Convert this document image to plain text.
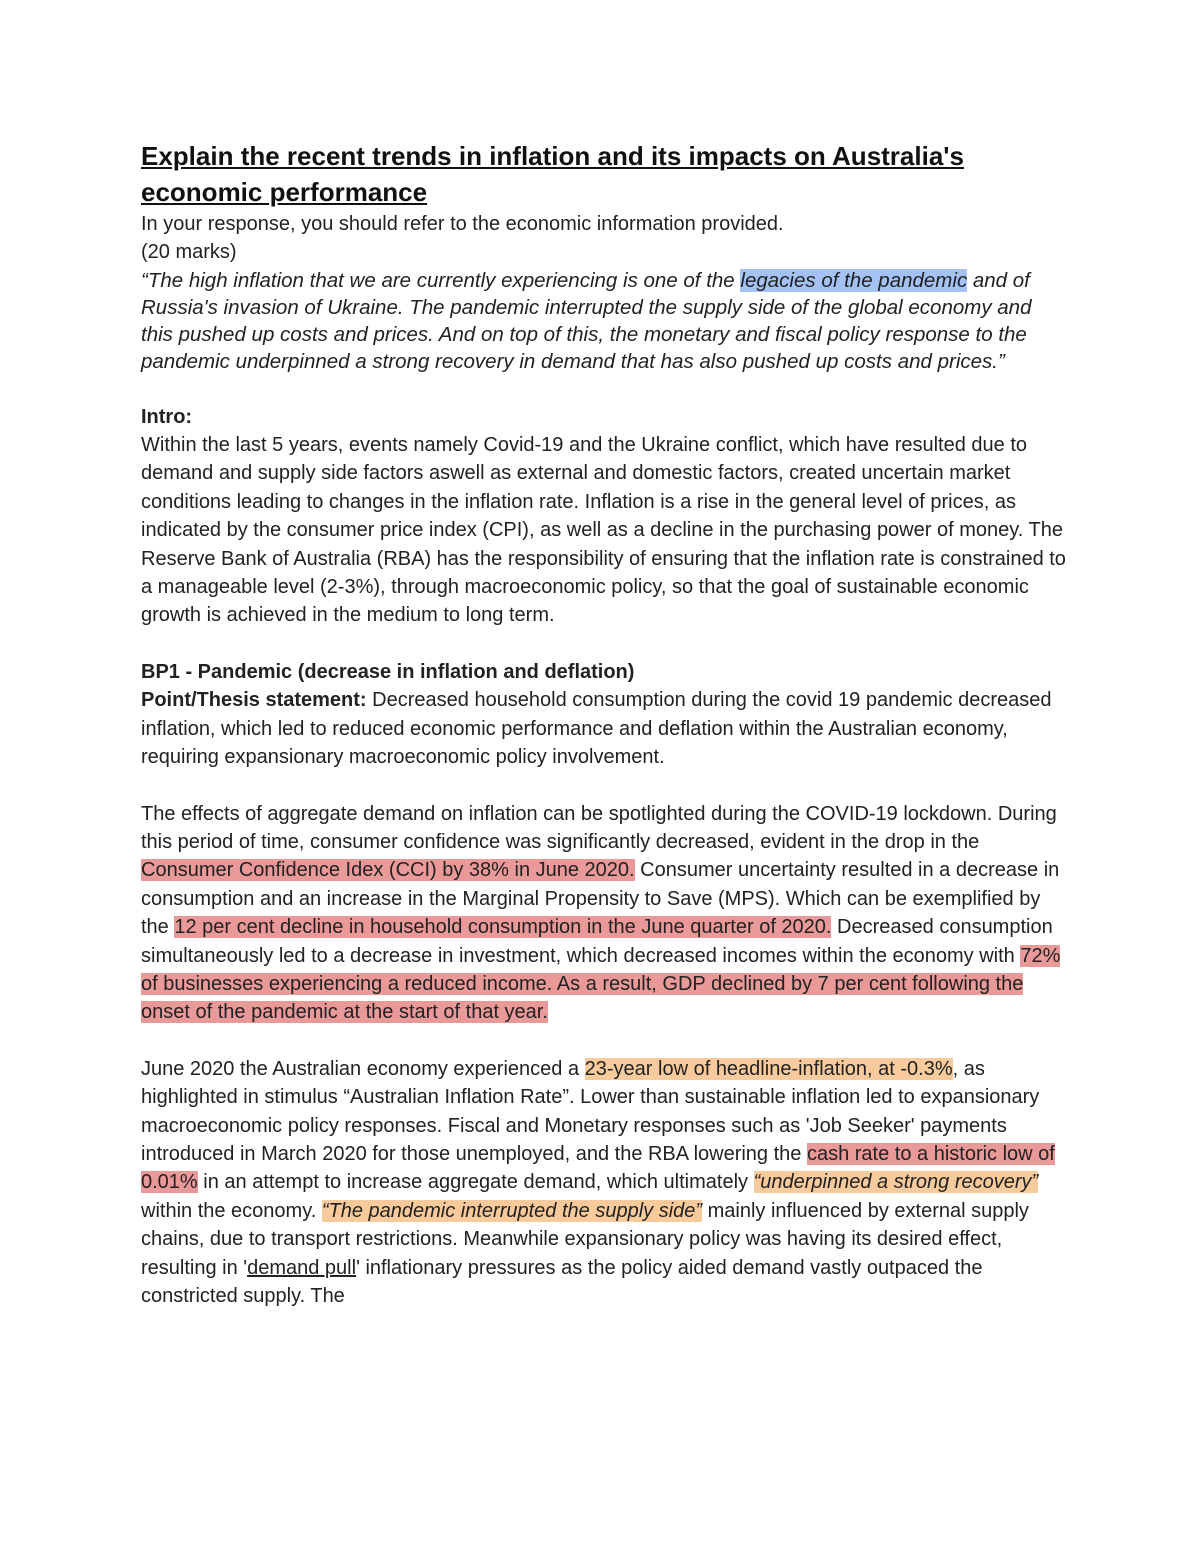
Explain the recent trends in inflation and its impacts on Australia's economic performance

In your response, you should refer to the economic information provided.

(20 marks)

“The high inflation that we are currently experiencing is one of the legacies of the pandemic and of Russia's invasion of Ukraine. The pandemic interrupted the supply side of the global economy and this pushed up costs and prices. And on top of this, the monetary and fiscal policy response to the pandemic underpinned a strong recovery in demand that has also pushed up costs and prices.”

Intro:

Within the last 5 years, events namely Covid-19 and the Ukraine conflict, which have resulted due to demand and supply side factors aswell as external and domestic factors, created uncertain market conditions leading to changes in the inflation rate. Inflation is a rise in the general level of prices, as indicated by the consumer price index (CPI), as well as a decline in the purchasing power of money. The Reserve Bank of Australia (RBA) has the responsibility of ensuring that the inflation rate is constrained to a manageable level (2-3%), through macroeconomic policy, so that the goal of sustainable economic growth is achieved in the medium to long term.

BP1 - Pandemic (decrease in inflation and deflation)

Point/Thesis statement: Decreased household consumption during the covid 19 pandemic decreased inflation, which led to reduced economic performance and deflation within the Australian economy, requiring expansionary macroeconomic policy involvement.

The effects of aggregate demand on inflation can be spotlighted during the COVID-19 lockdown. During this period of time, consumer confidence was significantly decreased, evident in the drop in the Consumer Confidence Idex (CCI) by 38% in June 2020. Consumer uncertainty resulted in a decrease in consumption and an increase in the Marginal Propensity to Save (MPS). Which can be exemplified by the 12 per cent decline in household consumption in the June quarter of 2020. Decreased consumption simultaneously led to a decrease in investment, which decreased incomes within the economy with 72% of businesses experiencing a reduced income. As a result, GDP declined by 7 per cent following the onset of the pandemic at the start of that year.

June 2020 the Australian economy experienced a 23-year low of headline-inflation, at -0.3%, as highlighted in stimulus “Australian Inflation Rate”. Lower than sustainable inflation led to expansionary macroeconomic policy responses. Fiscal and Monetary responses such as 'Job Seeker' payments introduced in March 2020 for those unemployed, and the RBA lowering the cash rate to a historic low of 0.01% in an attempt to increase aggregate demand, which ultimately “underpinned a strong recovery” within the economy. “The pandemic interrupted the supply side” mainly influenced by external supply chains, due to transport restrictions. Meanwhile expansionary policy was having its desired effect, resulting in 'demand pull' inflationary pressures as the policy aided demand vastly outpaced the constricted supply. The
